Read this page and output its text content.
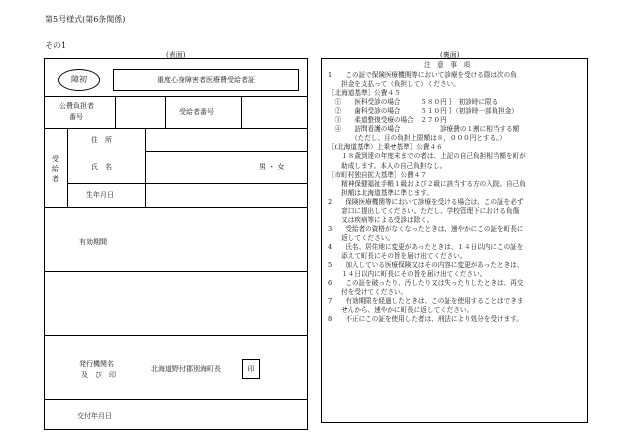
第5号様式(第6条関係)
その1
(表面)	(裏面)
障初	重度心身障害者医療費受給者証
公費負担者
番号
受給者番号
受
給
者
住　所
氏　名	男 ・ 女
生年月日
有効期間
発行機関名
及　び　印
北海道野付郡別海町長	印
交付年月日
注　意　事　項
1　　この証で保険医療機関等において診療を受ける際は次の負
　　担金を支払って（負担して）ください。
［北海道基準］公費４５
　①　　医科受診の場合　　　５８０円 ｝　初診時に限る
　②　　歯科受診の場合　　　５１０円 ｝（初診時一部負担金）
　③　　柔道整復受療の場合　２７０円
　④　　訪問看護の場合　　　　　　診療費の１割に相当する額
　　　　（ただし、月の負担上限額は８，０００円とする。）
［(北海道基準）上乗せ基準］公費４６
　　１８歳到達の年度末までの者は、上記の自己負担相当額を町が
　　助成します。本人の自己負担なし。
［市町村独自拡大基準］公費４７
　　精神保健福祉手帳１級および２級に該当する方の入院。自己負
　　担額は北海道基準に準じます。
2　　保険医療機関等において診療を受ける場合は、この証を必ず
　　窓口に提出してください。ただし、学校管理下における負傷
　　又は疾病等による受診は除く。
3　　受給者の資格がなくなったときは、速やかにこの証を町長に
　　返してください。
4　　氏名、居住地に変更があったときは、１４日以内にこの証を
　　添えて町長にその旨を届け出てください。
5　　加入している医療保険又はその内容に変更があったときは、
　　１４日以内に町長にその旨を届け出てください。
6　　この証を破ったり、汚したり又は失ったりしたときは、再交
　　付を受けてください。
7　　有効期限を経過したときは、この証を使用することはできま
　　せんから、速やかに町長に返してください。
8　　不正にこの証を使用した者は、刑法により処分を受けます。
